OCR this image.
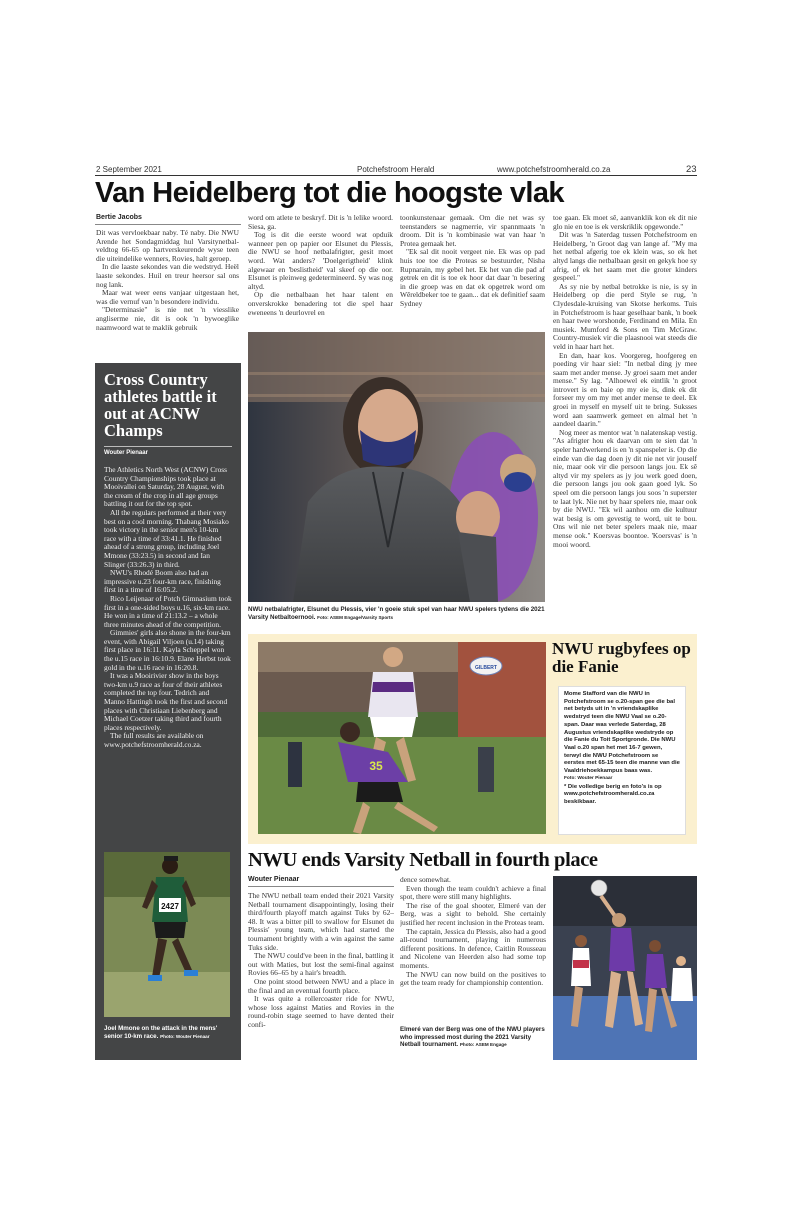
2 September 2021	Potchefstroom Herald	www.potchefstroomherald.co.za	23
Van Heidelberg tot die hoogste vlak
Bertie Jacobs

Dit was vervloekbaar naby. Té naby. Die NWU Arende het Sondagmiddag hul Varsitynetbal-veldtog 66-65 op hartverskeurende wyse teen die uiteindelike wenners, Rovies, halt geroep.

In die laaste sekondes van die wedstryd. Heël laaste sekondes. Huil en treur heersor sal ons nog lank.

Maar wat weer eens vanjaar uitgestaan het, was die vernuf van 'n besondere individu.

"Determinasie" is nie net 'n viesslike angliserme nie, dit is ook 'n bywoeglike naamwoord wat te maklik gebruik

word om atlete te beskryf. Dit is 'n lelike woord. Siesa, ga.

Tog is dit die eerste woord wat opduik wanneer pen op papier oor Elsunet du Plessis, die NWU se hoof netbalafrigter, gesit moet word. Wat anders? 'Doelgerigtheid' klink algewaar en 'beslistheid' val skeef op die oor. Elsunet is pleinweg gedetermineerd. Sy was nog altyd.

Op die netbalbaan het haar talent en onverskrokke benadering tot die spel haar eweneens 'n deurlovrel en

toonkunstenaar gemaak. Om die net was sy teenstanders se nagmerrie, vir spannmaats 'n droom. Dit is 'n kombinasie wat van haar 'n Protea gemaak het.

"Ek sal dit nooit vergeet nie. Ek was op pad huis toe toe die Proteas se bestuurder, Nisha Rupnarain, my gebel het. Ek het van die pad af getrek en dit is toe ek hoor dat daar 'n besering in die groep was en dat ek opgetrek word om Wêreldbeker toe te gaan... dat ek definitief saam Sydney

toe gaan. Ek moet sê, aanvanklik kon ek dit nie glo nie en toe is ek verskriklik opgewonde."

Dit was 'n Saterdag tussen Potchefstroom en Heidelberg, 'n Groot dag van lange af. "My ma het netbal afgerig toe ek klein was, so ek het altyd langs die netbalbaan gesit en gekyk hoe sy afrig, of ek het saam met die groter kinders gespeel."

As sy nie by netbal betrokke is nie, is sy in Heidelberg op die perd Style se rug, 'n Clydesdale-kruising van Skotse herkoms. Tuis in Potchefstroom is haar geselhaar bank, 'n boek en haar twee worshonde, Ferdinand en Mila. En musiek. Mumford & Sons en Tim McGraw. Country-musiek vir die plaasnooi wat steeds die veld in haar hart het.

En dan, haar kos. Voorgereg, hoofgereg en poeding vir haar siel: "In netbal ding jy mee saam met ander mense. Jy groei saam met ander mense." Sy lag. "Alhoewel ek eintlik 'n groot introvert is en baie op my eie is, dink ek dit forseer my om my met ander mense te deel. Ek groei in myself en myself uit te bring. Suksses word aan saamwerk gemeet en almal het 'n aandeel daarin."

Nog meer as mentor wat 'n nalatenskap vestig. "As afrigter hou ek daarvan om te sien dat 'n speler hardwerkend is en 'n spanspeler is. Op die einde van die dag doen jy dit nie net vir jouself nie, maar ook vir die persoon langs jou. Ek sê altyd vir my spelers as jy jou werk goed doen, die persoon langs jou ook gaan goed lyk. So speel om die persoon langs jou soos 'n superster te laat lyk. Nie net by haar spelers nie, maar ook by die NWU. "Ek wil aanhou om die kultuur wat besig is om gevestig te word, uit te bou. Ons wil nie net beter spelers maak nie, maar mense ook." Koersvas boontoe. 'Koersvas' is 'n mooi woord.

NWU netbalafrigter, Elsunet du Plessis, vier 'n goeie stuk spel van haar NWU spelers tydens die 2021 Varsity Netbaltoernooi. Foto: ASEM Engage/Varsity Sports
Cross Country athletes battle it out at ACNW Champs
Wouter Pienaar

The Athletics North West (ACNW) Cross Country Championships took place at Mooivallei on Saturday, 28 August, with the cream of the crop in all age groups battling it out for the top spot.

All the regulars performed at their very best on a cool morning. Thabang Mosiako took victory in the senior men's 10-km race with a time of 33:41.1. He finished ahead of a strong group, including Joel Mmone (33:23.5) in second and Ian Slinger (33:26.3) in third.

NWU's Rhodé Boom also had an impressive u.23 four-km race, finishing first in a time of 16:05.2.

Rico Leijenaar of Potch Gimnasium took first in a one-sided boys u.16, six-km race. He won in a time of 21:13.2 – a whole three minutes ahead of the competition.

Gimmies' girls also shone in the four-km event, with Abigail Viljoen (u.14) taking first place in 16:11. Kayla Scheppel won the u.15 race in 16:10.9. Elane Herbst took gold in the u.16 race in 16:20.8.

It was a Mooirivier show in the boys two-km u.9 race as four of their athletes completed the top four. Tedrich and Manno Hattingh took the first and second places with Christiaan Liebenberg and Michael Coetzer taking third and fourth places respectively.

The full results are available on www.potchefstroomherald.co.za.

2427
Joel Mmone on the attack in the mens' senior 10-km race. Photo: Wouter Pienaar
GILBERT
35
NWU rugbyfees op die Fanie
Mome Stafford van die NWU in Potchefstroom se o.20-span gee die bal net betyds uit in 'n vriendskaplike wedstryd teen die NWU Vaal se o.20-span. Daar was verlede Saterdag, 28 Augustus vriendskaplike wedstryde op die Fanie du Toit Sportgronde. Die NWU Vaal o.20 span het met 16-7 gewen, terwyl die NWU Potchefstroom se eerstes met 65-15 teen die manne van die Vaaldriehoekkampus baas was.
Foto: Wouter Pienaar
* Die volledige berig en foto's is op www.potchefstroomherald.co.za beskikbaar.
NWU ends Varsity Netball in fourth place
Wouter Pienaar

The NWU netball team ended their 2021 Varsity Netball tournament disappointingly, losing their third/fourth playoff match against Tuks by 62–48. It was a bitter pill to swallow for Elsunet du Plessis' young team, which had started the tournament brightly with a win against the same Tuks side.

The NWU could've been in the final, battling it out with Maties, but lost the semi-final against Rovies 66–65 by a hair's breadth.

One point stood between NWU and a place in the final and an eventual fourth place.

It was quite a rollercoaster ride for NWU, whose loss against Maties and Rovies in the round-robin stage seemed to have dented their confi-

dence somewhat.

Even though the team couldn't achieve a final spot, there were still many highlights.

The rise of the goal shooter, Elmeré van der Berg, was a sight to behold. She certainly justified her recent inclusion in the Proteas team.

The captain, Jessica du Plessis, also had a good all-round tournament, playing in numerous different positions. In defence, Caitlin Rousseau and Nicolene van Heerden also had some top moments.

The NWU can now build on the positives to get the team ready for championship contention.

Elmeré van der Berg was one of the NWU players who impressed most during the 2021 Varsity Netball tournament. Photo: ASEM Engage
